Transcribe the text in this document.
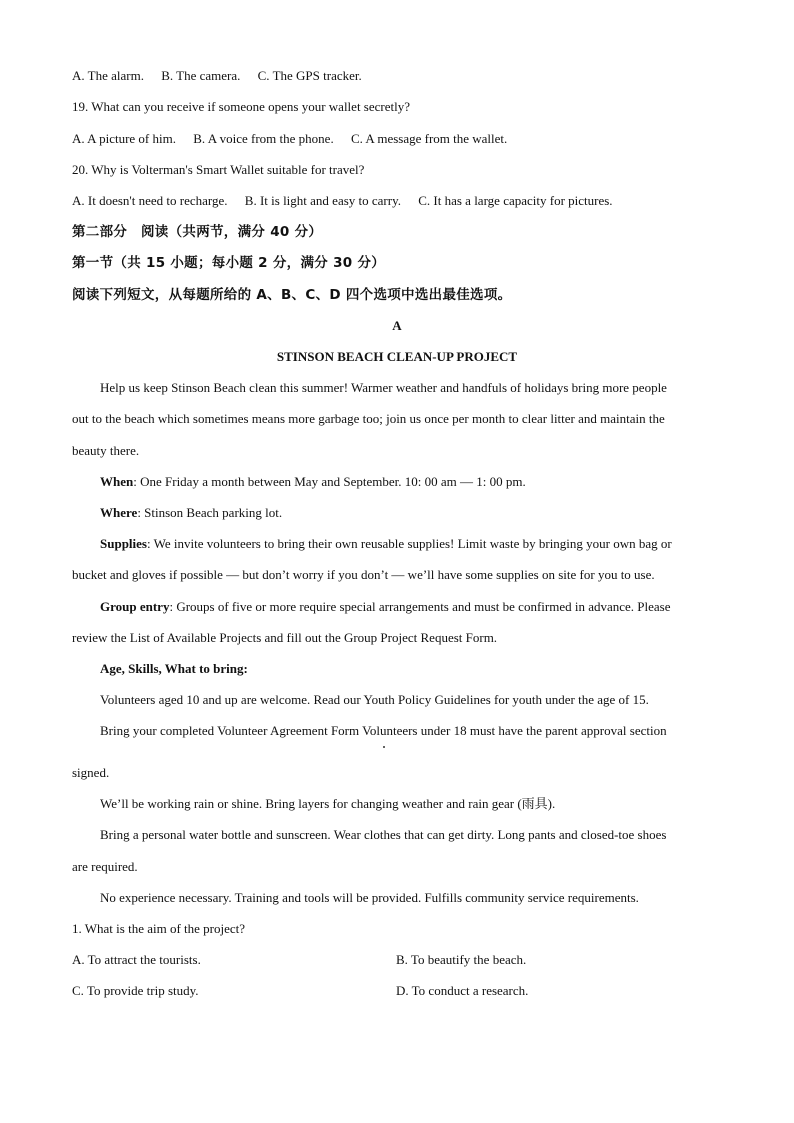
A. The alarm. B. The camera. C. The GPS tracker.
19. What can you receive if someone opens your wallet secretly?
A. A picture of him. B. A voice from the phone. C. A message from the wallet.
20. Why is Volterman's Smart Wallet suitable for travel?
A. It doesn't need to recharge. B. It is light and easy to carry. C. It has a large capacity for pictures.
第二部分　阅读（共两节，满分 40 分）
第一节（共 15 小题；每小题 2 分，满分 30 分）
阅读下列短文，从每题所给的 A、B、C、D 四个选项中选出最佳选项。
A
STINSON BEACH CLEAN-UP PROJECT
Help us keep Stinson Beach clean this summer! Warmer weather and handfuls of holidays bring more people
out to the beach which sometimes means more garbage too; join us once per month to clear litter and maintain the
beauty there.
When: One Friday a month between May and September. 10: 00 am — 1: 00 pm.
Where: Stinson Beach parking lot.
Supplies: We invite volunteers to bring their own reusable supplies! Limit waste by bringing your own bag or
bucket and gloves if possible — but don’t worry if you don’t — we’ll have some supplies on site for you to use.
Group entry: Groups of five or more require special arrangements and must be confirmed in advance. Please
review the List of Available Projects and fill out the Group Project Request Form.
Age, Skills, What to bring:
Volunteers aged 10 and up are welcome. Read our Youth Policy Guidelines for youth under the age of 15.
Bring your completed Volunteer Agreement Form Volunteers under 18 must have the parent approval section
signed.
We’ll be working rain or shine. Bring layers for changing weather and rain gear (雨具).
Bring a personal water bottle and sunscreen. Wear clothes that can get dirty. Long pants and closed-toe shoes
are required.
No experience necessary. Training and tools will be provided. Fulfills community service requirements.
1. What is the aim of the project?
A. To attract the tourists.	B. To beautify the beach.
C. To provide trip study.	D. To conduct a research.
